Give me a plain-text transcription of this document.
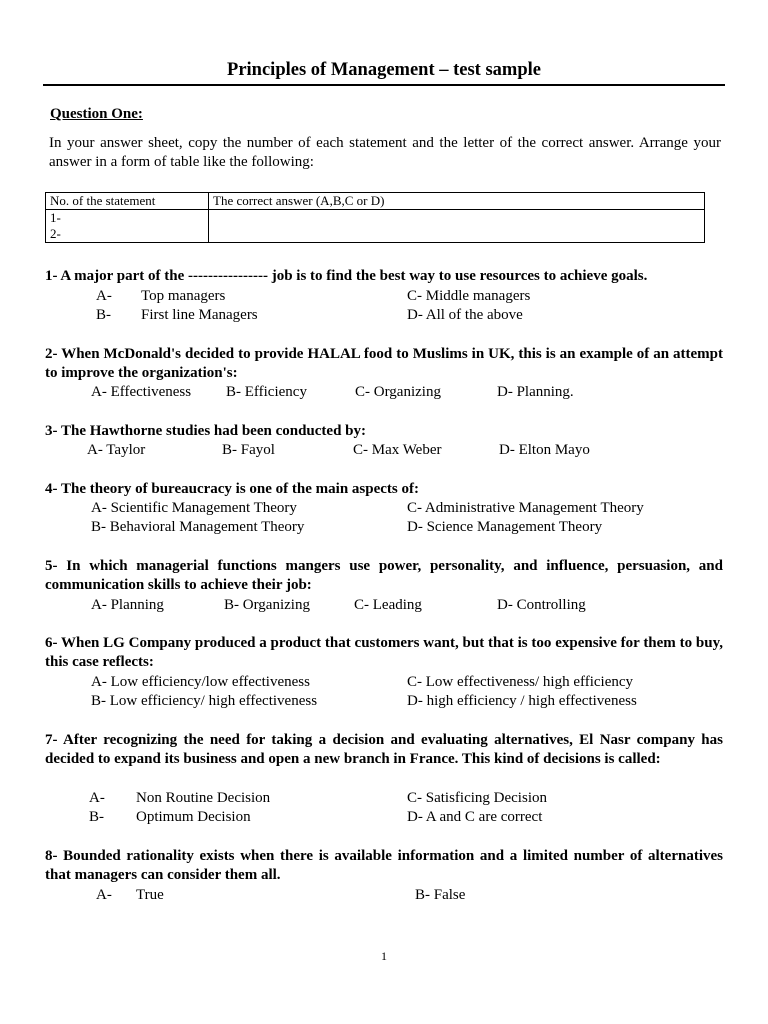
Principles of Management – test sample
Question One:
In your answer sheet, copy the number of each statement and the letter of the correct answer. Arrange your answer in a form of table like the following:
No. of the statement	The correct answer (A,B,C or D)

1-
2-	

1- A major part of the ---------------- job is to find the best way to use resources to achieve goals.
A- Top managers	C- Middle managers
B- First line Managers	D- All of the above
2- When McDonald's decided to provide HALAL food to Muslims in UK, this is an example of an attempt to improve the organization's:
A- Effectiveness B- Efficiency	C- Organizing	D- Planning.
3- The Hawthorne studies had been conducted by:
A- Taylor	B- Fayol	C- Max Weber	D- Elton Mayo
4- The theory of bureaucracy is one of the main aspects of:
A- Scientific Management Theory	C- Administrative Management Theory
B- Behavioral Management Theory	D- Science Management Theory
5- In which managerial functions mangers use power, personality, and influence, persuasion, and communication skills to achieve their job:
A- Planning	B- Organizing	C- Leading	D- Controlling
6- When LG Company produced a product that customers want, but that is too expensive for them to buy, this case reflects:
A- Low efficiency/low effectiveness	C- Low effectiveness/ high efficiency
B- Low efficiency/ high effectiveness	D- high efficiency / high effectiveness
7- After recognizing the need for taking a decision and evaluating alternatives, El Nasr company has decided to expand its business and open a new branch in France. This kind of decisions is called:
A- Non Routine Decision	C- Satisficing Decision
B- Optimum Decision	D- A and C are correct
8- Bounded rationality exists when there is available information and a limited number of alternatives that managers can consider them all.
A- True	B- False
1
